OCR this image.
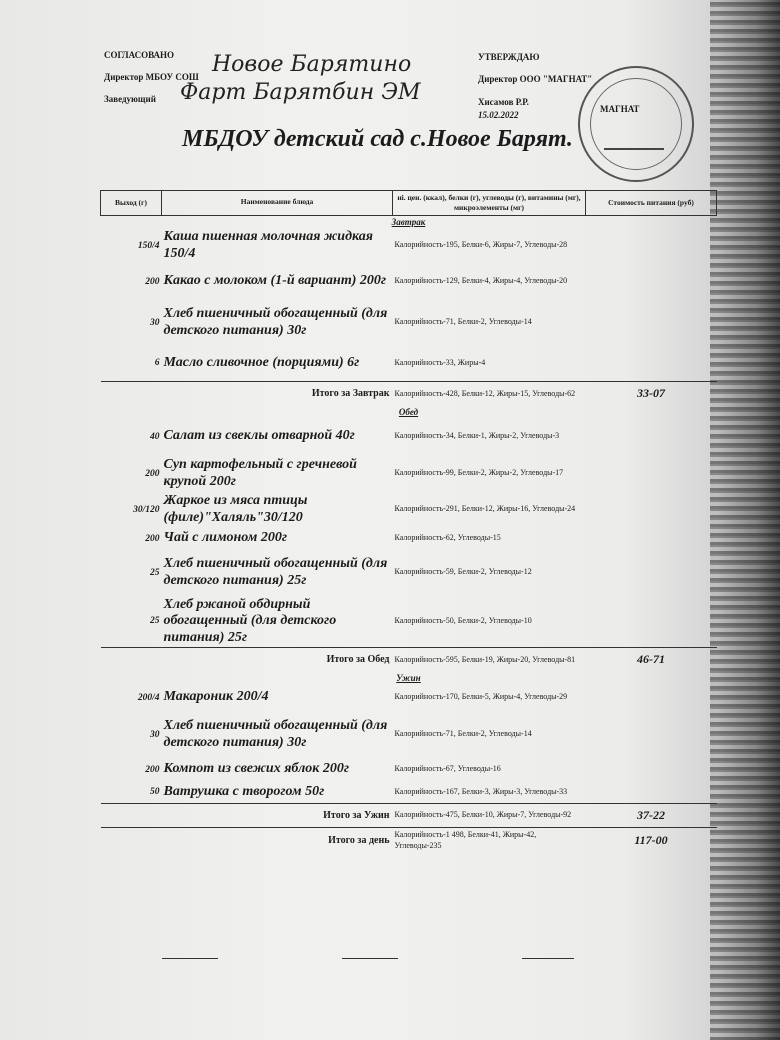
СОГЛАСОВАНО
Директор МБОУ СОШ
Заведующий
Новое Барятино
Фарт Барятбин ЭМ
УТВЕРЖДАЮ
Директор ООО "МАГНАТ"
Хисамов Р.Р.
15.02.2022
МАГНАТ
МБДОУ детский сад с.Новое Барят.
Выход (г)	Наименование блюда	ні. цен. (ккал), белки (г), углеводы (г), витамины (мг), микроэлементы (мг)	Стоимость питания (руб)
Завтрак			
150/4	Каша пшенная молочная жидкая 150/4	Калорийность-195, Белки-6, Жиры-7, Углеводы-28	
200	Какао с молоком (1-й вариант) 200г	Калорийность-129, Белки-4, Жиры-4, Углеводы-20	
30	Хлеб пшеничный обогащенный (для детского питания) 30г	Калорийность-71, Белки-2, Углеводы-14	
6	Масло сливочное (порциями) 6г	Калорийность-33, Жиры-4	
Итого за Завтрак		Калорийность-428, Белки-12, Жиры-15, Углеводы-62	33-07
Обед			
40	Салат из свеклы отварной 40г	Калорийность-34, Белки-1, Жиры-2, Углеводы-3	
200	Суп картофельный с гречневой крупой 200г	Калорийность-99, Белки-2, Жиры-2, Углеводы-17	
30/120	Жаркое из мяса птицы (филе)"Халяль"30/120	Калорийность-291, Белки-12, Жиры-16, Углеводы-24	
200	Чай с лимоном 200г	Калорийность-62, Углеводы-15	
25	Хлеб пшеничный обогащенный (для детского питания) 25г	Калорийность-59, Белки-2, Углеводы-12	
25	Хлеб ржаной обдирный обогащенный (для детского питания) 25г	Калорийность-50, Белки-2, Углеводы-10	
Итого за Обед		Калорийность-595, Белки-19, Жиры-20, Углеводы-81	46-71
Ужин			
200/4	Макароник 200/4	Калорийность-170, Белки-5, Жиры-4, Углеводы-29	
30	Хлеб пшеничный обогащенный (для детского питания) 30г	Калорийность-71, Белки-2, Углеводы-14	
200	Компот из свежих яблок 200г	Калорийность-67, Углеводы-16	
50	Ватрушка с творогом 50г	Калорийность-167, Белки-3, Жиры-3, Углеводы-33	
Итого за Ужин		Калорийность-475, Белки-10, Жиры-7, Углеводы-92	37-22
Итого за день		Калорийность-1 498, Белки-41, Жиры-42, Углеводы-235	117-00
